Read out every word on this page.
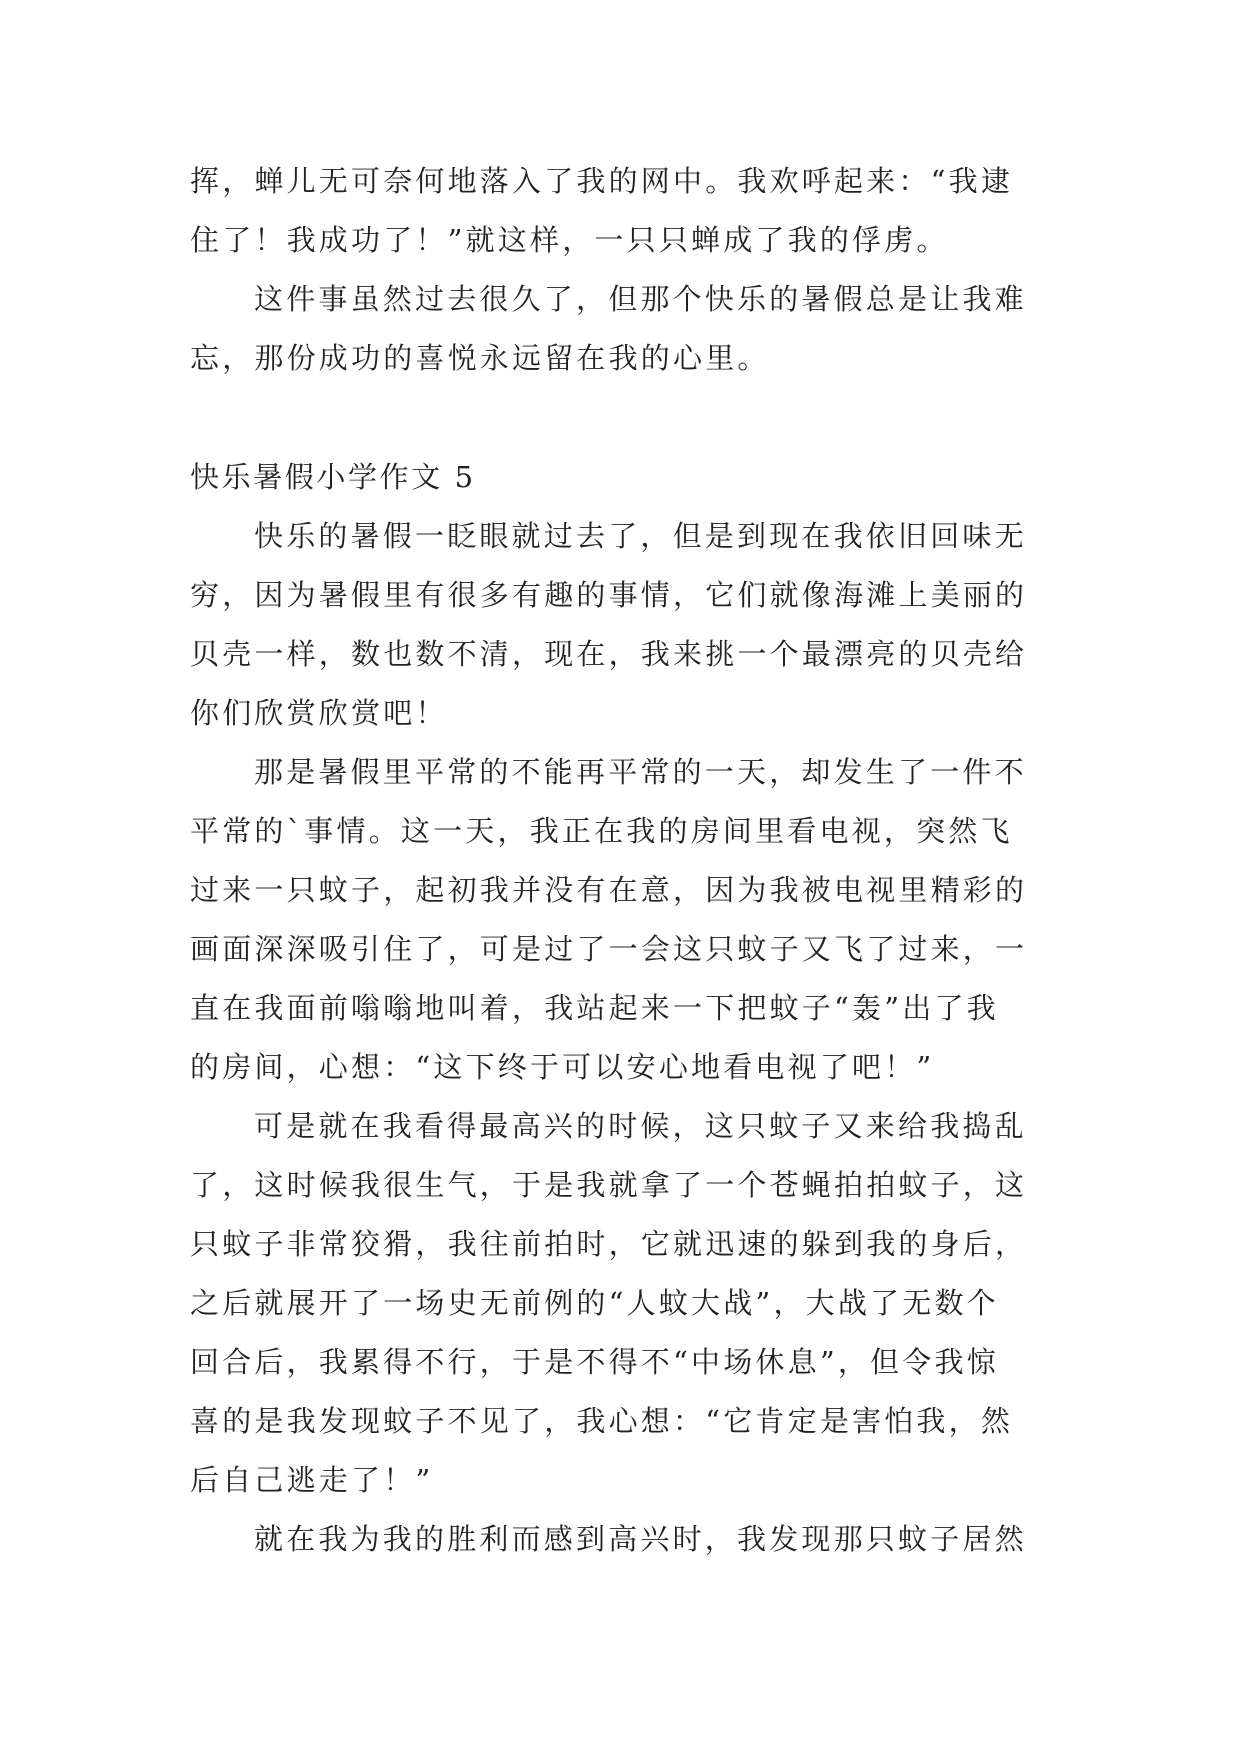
挥，蝉儿无可奈何地落入了我的网中。我欢呼起来：“我逮
住了！我成功了！”就这样，一只只蝉成了我的俘虏。
这件事虽然过去很久了，但那个快乐的暑假总是让我难
忘，那份成功的喜悦永远留在我的心里。
快乐暑假小学作文 5
快乐的暑假一眨眼就过去了，但是到现在我依旧回味无
穷，因为暑假里有很多有趣的事情，它们就像海滩上美丽的
贝壳一样，数也数不清，现在，我来挑一个最漂亮的贝壳给
你们欣赏欣赏吧！
那是暑假里平常的不能再平常的一天，却发生了一件不
平常的`事情。这一天，我正在我的房间里看电视，突然飞
过来一只蚊子，起初我并没有在意，因为我被电视里精彩的
画面深深吸引住了，可是过了一会这只蚊子又飞了过来，一
直在我面前嗡嗡地叫着，我站起来一下把蚊子“轰”出了我
的房间，心想：“这下终于可以安心地看电视了吧！”
可是就在我看得最高兴的时候，这只蚊子又来给我捣乱
了，这时候我很生气，于是我就拿了一个苍蝇拍拍蚊子，这
只蚊子非常狡猾，我往前拍时，它就迅速的躲到我的身后，
之后就展开了一场史无前例的“人蚊大战”，大战了无数个
回合后，我累得不行，于是不得不“中场休息”，但令我惊
喜的是我发现蚊子不见了，我心想：“它肯定是害怕我，然
后自己逃走了！”
就在我为我的胜利而感到高兴时，我发现那只蚊子居然
